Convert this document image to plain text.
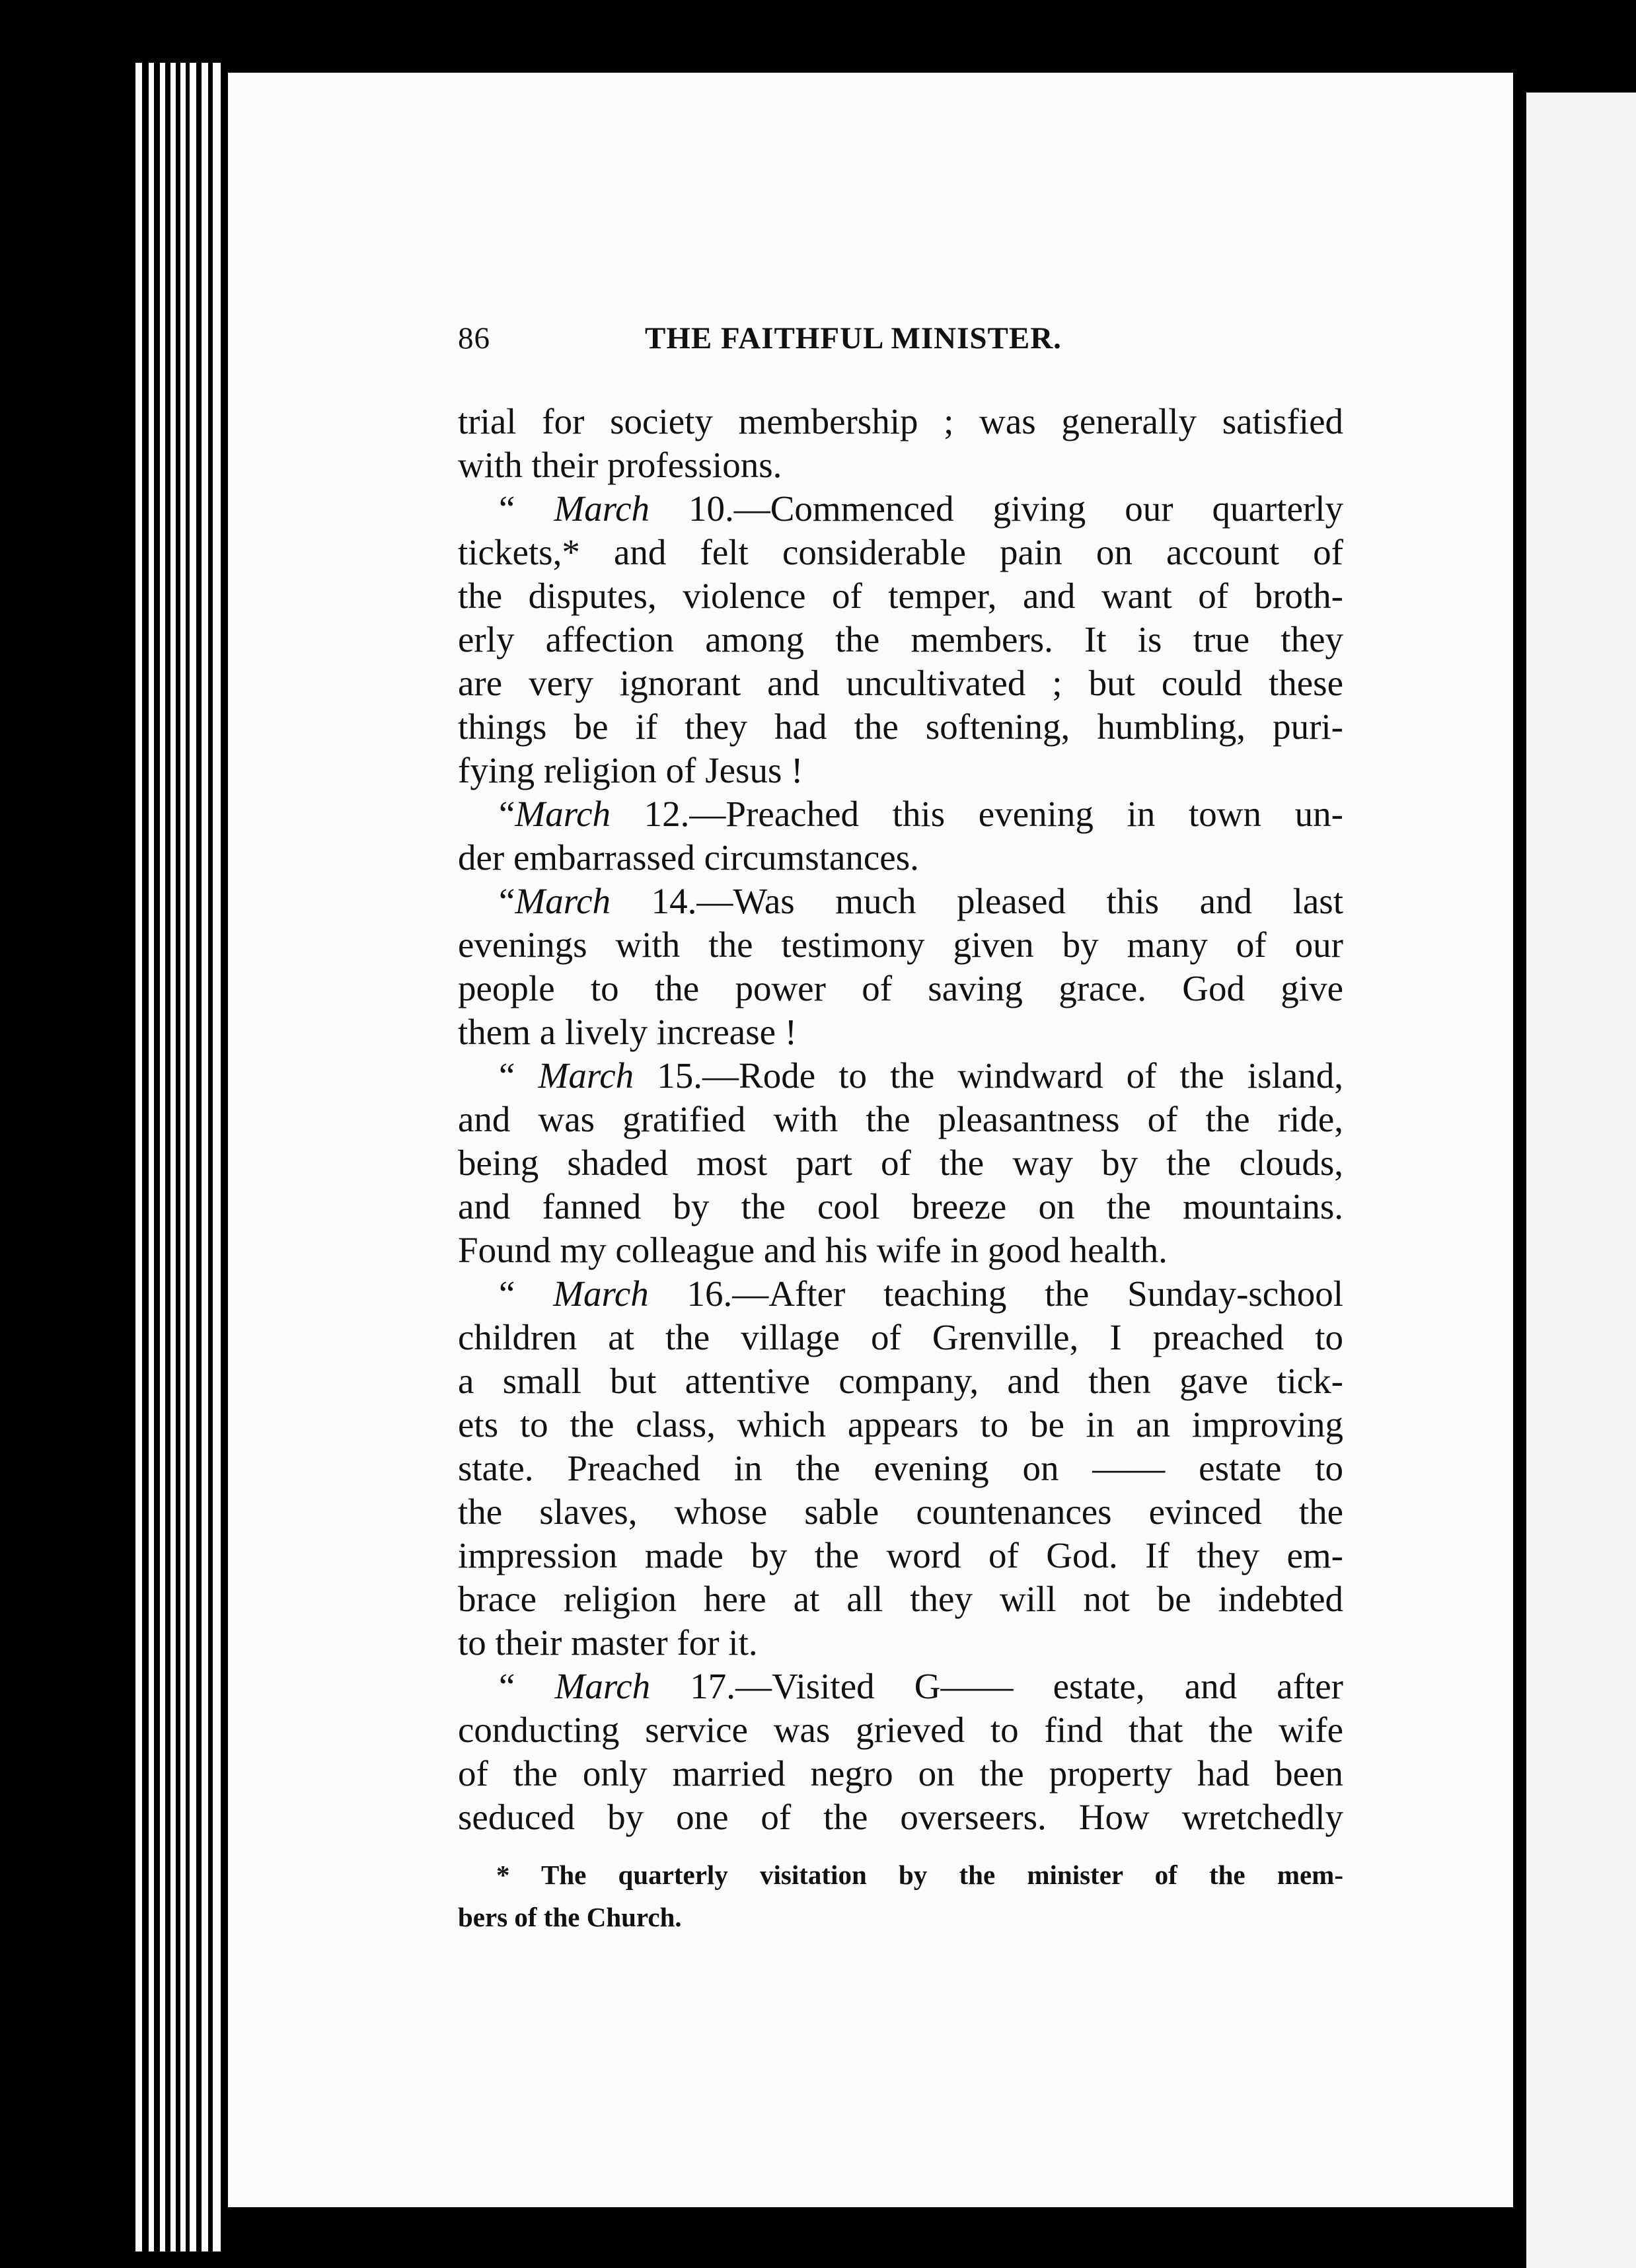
86	THE FAITHFUL MINISTER.
trial for society membership ; was generally satisfied
with their professions.
“ March 10.—Commenced giving our quarterly
tickets,* and felt considerable pain on account of
the disputes, violence of temper, and want of broth-
erly affection among the members. It is true they
are very ignorant and uncultivated ; but could these
things be if they had the softening, humbling, puri-
fying religion of Jesus !
“March 12.—Preached this evening in town un-
der embarrassed circumstances.
“March 14.—Was much pleased this and last
evenings with the testimony given by many of our
people to the power of saving grace. God give
them a lively increase !
“ March 15.—Rode to the windward of the island,
and was gratified with the pleasantness of the ride,
being shaded most part of the way by the clouds,
and fanned by the cool breeze on the mountains.
Found my colleague and his wife in good health.
“ March 16.—After teaching the Sunday-school
children at the village of Grenville, I preached to
a small but attentive company, and then gave tick-
ets to the class, which appears to be in an improving
state. Preached in the evening on —— estate to
the slaves, whose sable countenances evinced the
impression made by the word of God. If they em-
brace religion here at all they will not be indebted
to their master for it.
“ March 17.—Visited G—— estate, and after
conducting service was grieved to find that the wife
of the only married negro on the property had been
seduced by one of the overseers. How wretchedly
* The quarterly visitation by the minister of the mem-
bers of the Church.
